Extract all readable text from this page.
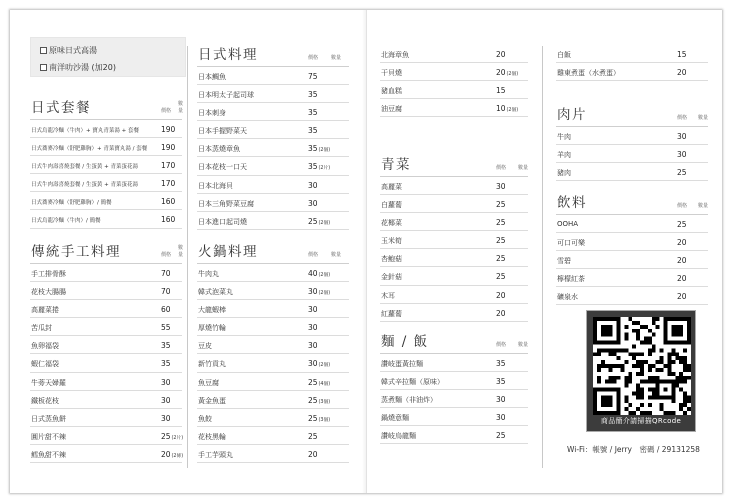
原味日式高湯
南洋叻沙湯 (加20)
日式套餐	價格
數量
日式烏龍冷麵（牛肉）+ 寶丸青菜湯 + 套餐	190
日式蕎麥冷麵（舒肥雞胸）+ 青菜寶丸湯 / 套餐 190
日式牛肉壽喜燒套餐 / 生蛋黃 + 青菜蛋花湯	170
日式牛肉壽喜燒套餐 / 生蛋黃 + 青菜蛋花湯	170
日式蕎麥冷麵（舒肥雞胸）/ 簡餐	160
日式烏龍冷麵（牛肉）/ 簡餐	160
傳統手工料理	價格
數量
手工排骨酥	70
花枝大腸腸	70
高麗菜捲	60
苦瓜封	55
魚卵福袋	35
蝦仁福袋	35
牛蒡天婦羅	30
鐵板花枝	30
日式蒸魚餅	30
圓片甜不辣	25(2片)
鱈魚甜不辣	20(2條)
日式料理	價格	數量
日本鯛魚	75
日本明太子起司球	35
日本刺身	35
日本手握野菜天	35
日本蒸燒章魚	35(2個)
日本花枝一口天	35(2片)
日本北海貝	30
日本三角野菜豆腐	30
日本進口起司燒	25(2個)
火鍋料理	價格	數量
牛肉丸	40(2個)
韓式泡菜丸	30(2個)
大龍蝦棒	30
厚燒竹輪	30
豆皮	30
新竹貢丸	30(2個)
魚豆腐	25(4個)
黃金魚蛋	25(3個)
魚餃	25(3個)
花枝黑輪	25
手工芋頭丸	20
北海章魚	20
干貝燒	20(2個)
豬血糕	15
油豆腐	10(2個)
青菜	價格 數量
高麗菜	30
白蘿蔔	25
花椰菜	25
玉米筍	25
杏鮑菇	25
金針菇	25
木耳	20
紅蘿蔔	20
麵 / 飯	價格 數量
讚岐蛋黃拉麵	35
韓式辛拉麵（原味）	35
蒸煮麵（非油炸）	30
鍋燒意麵	30
讚岐烏龍麵	25
白飯	15
雞東煮蛋（水煮蛋）	20
肉片	價格 數量
牛肉	30
羊肉	30
豬肉	25
飲料	價格 數量
OOHA	25
可口可樂	20
雪碧	20
檸檬紅茶	20
礦泉水	20
商品簡介請掃描QRcode
Wi-Fi：帳號 / Jerry　密碼 / 29131258
